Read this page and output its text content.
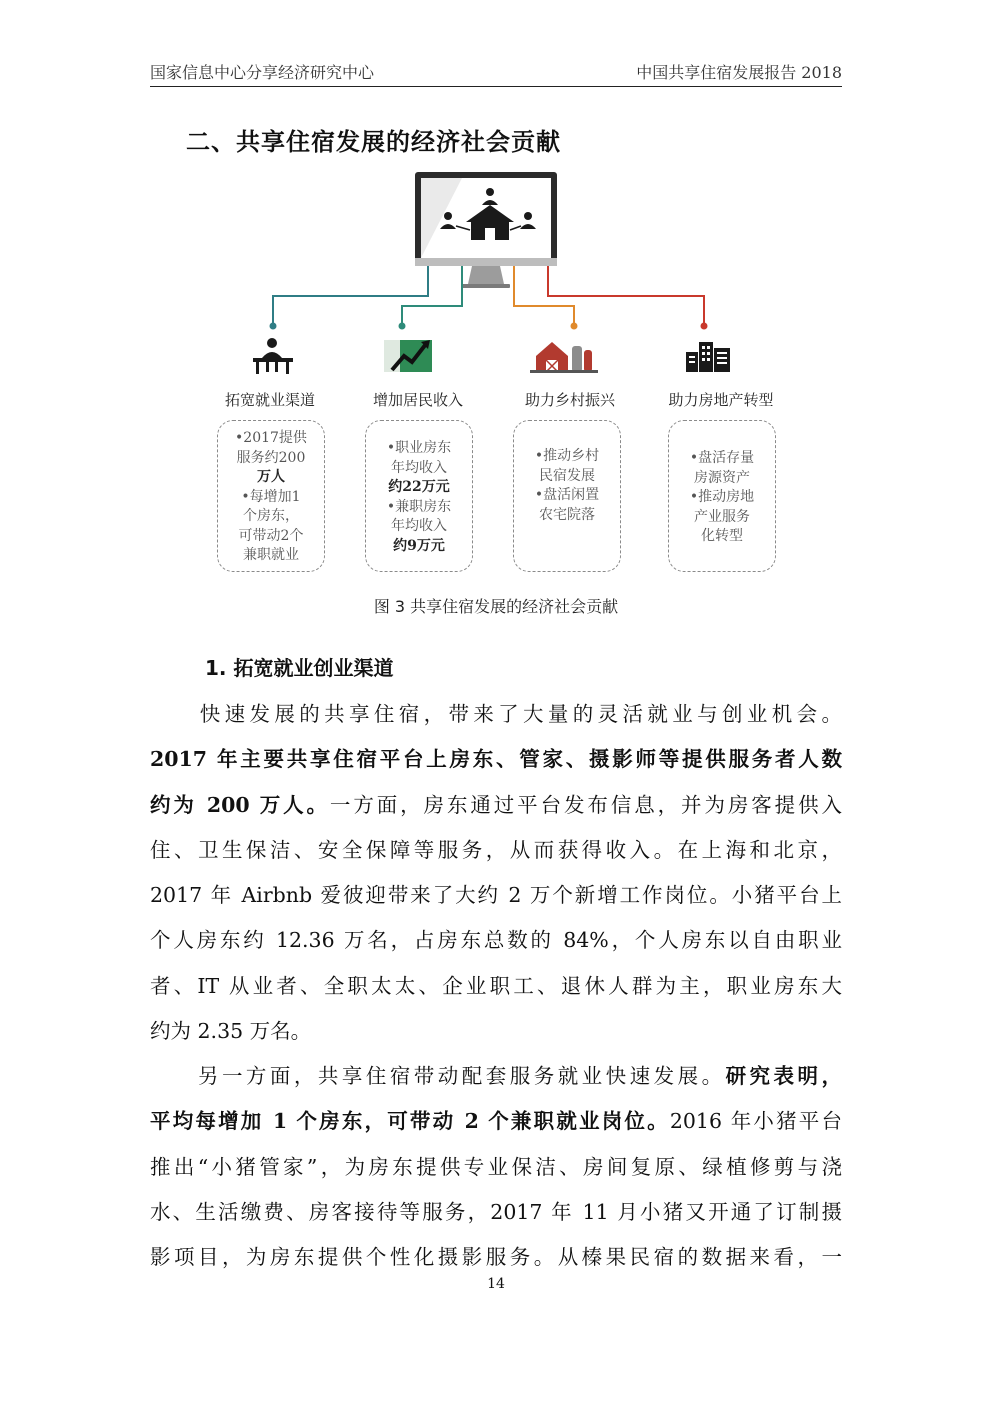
国家信息中心分享经济研究中心	中国共享住宿发展报告 2018
二、共享住宿发展的经济社会贡献
拓宽就业渠道	增加居民收入	助力乡村振兴	助力房地产转型
•2017提供
服务约200
万人
•每增加1
个房东，
可带动2个
兼职就业
•职业房东
年均收入
约22万元
•兼职房东
年均收入
约9万元
•推动乡村
民宿发展
•盘活闲置
农宅院落
•盘活存量
房源资产
•推动房地
产业服务
化转型
图 3 共享住宿发展的经济社会贡献
1. 拓宽就业创业渠道
　　快速发展的共享住宿，带来了大量的灵活就业与创业机会。
2017 年主要共享住宿平台上房东、管家、摄影师等提供服务者人数
约为 200 万人。一方面，房东通过平台发布信息，并为房客提供入
住、卫生保洁、安全保障等服务，从而获得收入。在上海和北京，
2017 年 Airbnb 爱彼迎带来了大约 2 万个新增工作岗位。小猪平台上
个人房东约 12.36 万名，占房东总数的 84%，个人房东以自由职业
者、IT 从业者、全职太太、企业职工、退休人群为主，职业房东大
约为 2.35 万名。
　　另一方面，共享住宿带动配套服务就业快速发展。研究表明，
平均每增加 1 个房东，可带动 2 个兼职就业岗位。2016 年小猪平台
推出“小猪管家”，为房东提供专业保洁、房间复原、绿植修剪与浇
水、生活缴费、房客接待等服务，2017 年 11 月小猪又开通了订制摄
影项目，为房东提供个性化摄影服务。从榛果民宿的数据来看，一
14
